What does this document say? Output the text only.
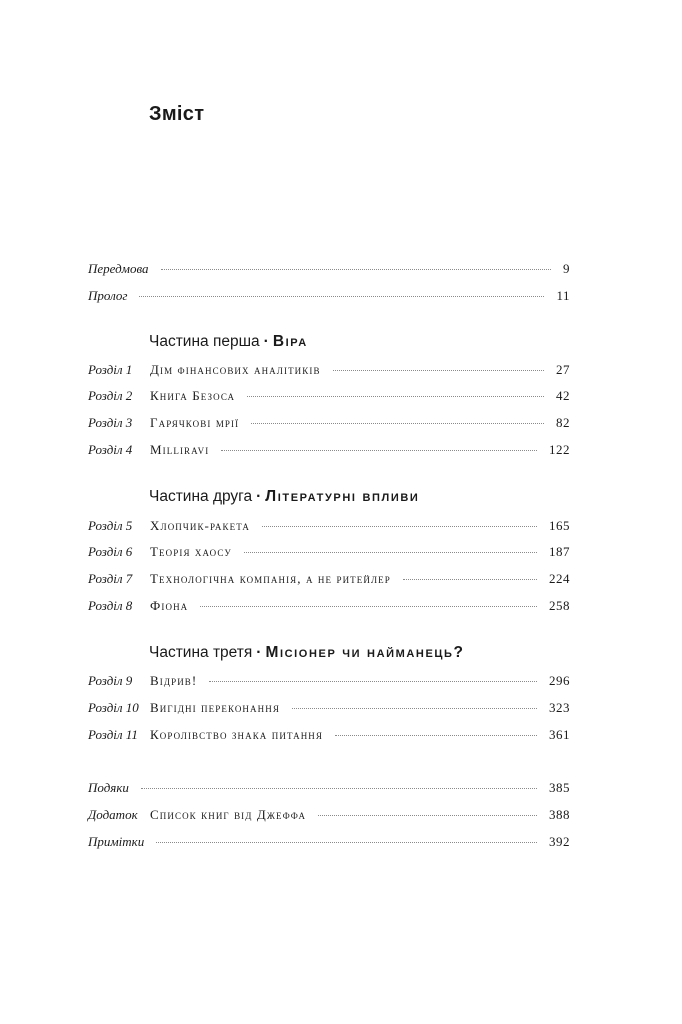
Зміст
Передмова	9
Пролог	11
Частина перша · Віра
Розділ 1	Дім фінансових аналітиків	27
Розділ 2	Книга Безоса	42
Розділ 3	Гарячкові мрії	82
Розділ 4	Milliravi	122
Частина друга · Літературні впливи
Розділ 5	Хлопчик-ракета	165
Розділ 6	Теорія хаосу	187
Розділ 7	Технологічна компанія, а не ритейлер	224
Розділ 8	Фіона	258
Частина третя · Місіонер чи найманець?
Розділ 9	Відрив!	296
Розділ 10 Вигідні переконання	323
Розділ 11 Королівство знака питання	361
Подяки	385
Додаток Список книг від Джеффа	388
Примітки	392
